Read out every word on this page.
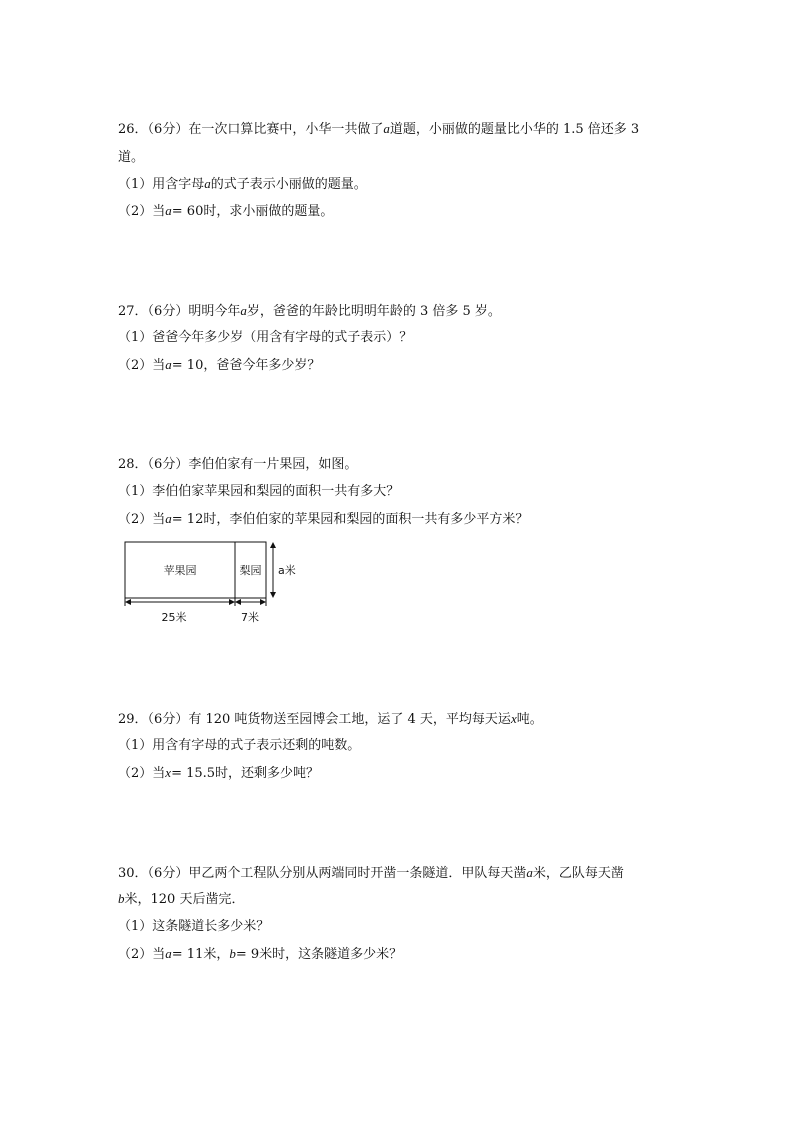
26．（6分）在一次口算比赛中，小华一共做了a道题，小丽做的题量比小华的 1.5 倍还多 3
道。
（1）用含字母a的式子表示小丽做的题量。
（2）当a= 60时，求小丽做的题量。
27．（6分）明明今年a岁，爸爸的年龄比明明年龄的 3 倍多 5 岁。
（1）爸爸今年多少岁（用含有字母的式子表示）？
（2）当a= 10，爸爸今年多少岁？
28．（6分）李伯伯家有一片果园，如图。
（1）李伯伯家苹果园和梨园的面积一共有多大？
（2）当a= 12时，李伯伯家的苹果园和梨园的面积一共有多少平方米？
苹果园	梨园 a米
25米	7米
29．（6分）有 120 吨货物送至园博会工地，运了 4 天，平均每天运x吨。
（1）用含有字母的式子表示还剩的吨数。
（2）当x= 15.5时，还剩多少吨？
30．（6分）甲乙两个工程队分别从两端同时开凿一条隧道．甲队每天凿a米，乙队每天凿
b米，120 天后凿完．
（1）这条隧道长多少米？
（2）当a= 11米，b= 9米时，这条隧道多少米？
